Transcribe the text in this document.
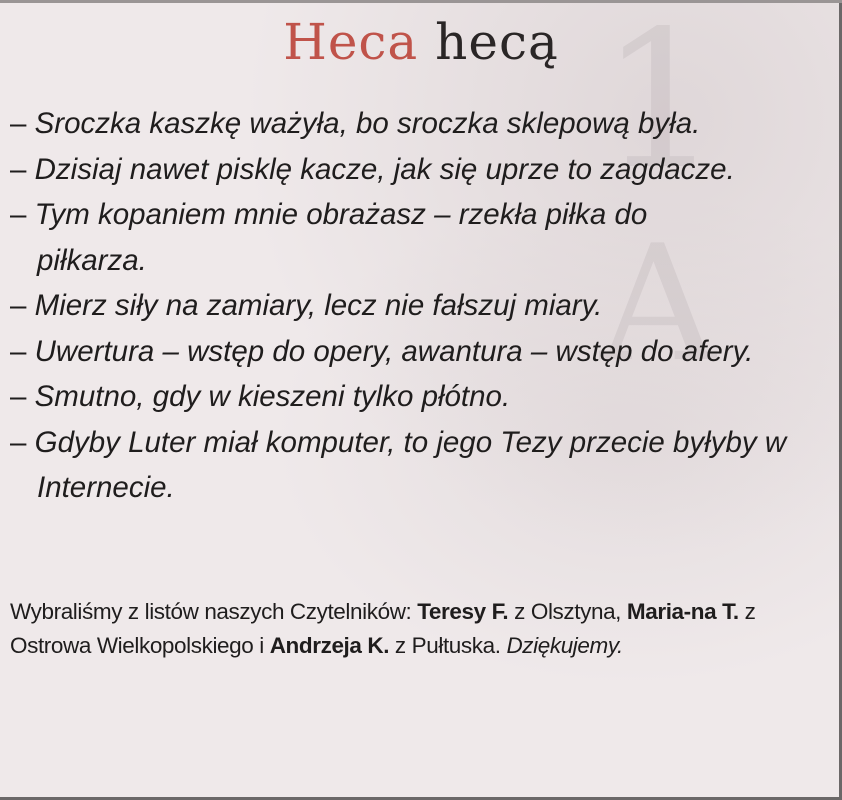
1
A
Heca hecą
– Sroczka kaszkę ważyła, bo sroczka sklepową była.
– Dzisiaj nawet pisklę kacze, jak się uprze to zagdacze.
– Tym kopaniem mnie obrażasz – rzekła piłka do piłkarza.
– Mierz siły na zamiary, lecz nie fałszuj miary.
– Uwertura – wstęp do opery, awantura – wstęp do afery.
– Smutno, gdy w kieszeni tylko płótno.
– Gdyby Luter miał komputer, to jego Tezy przecie byłyby w Internecie.

Wybraliśmy z listów naszych Czytelników: Teresy F. z Olsztyna, Maria-na T. z Ostrowa Wielkopolskiego i Andrzeja K. z Pułtuska. Dziękujemy.
